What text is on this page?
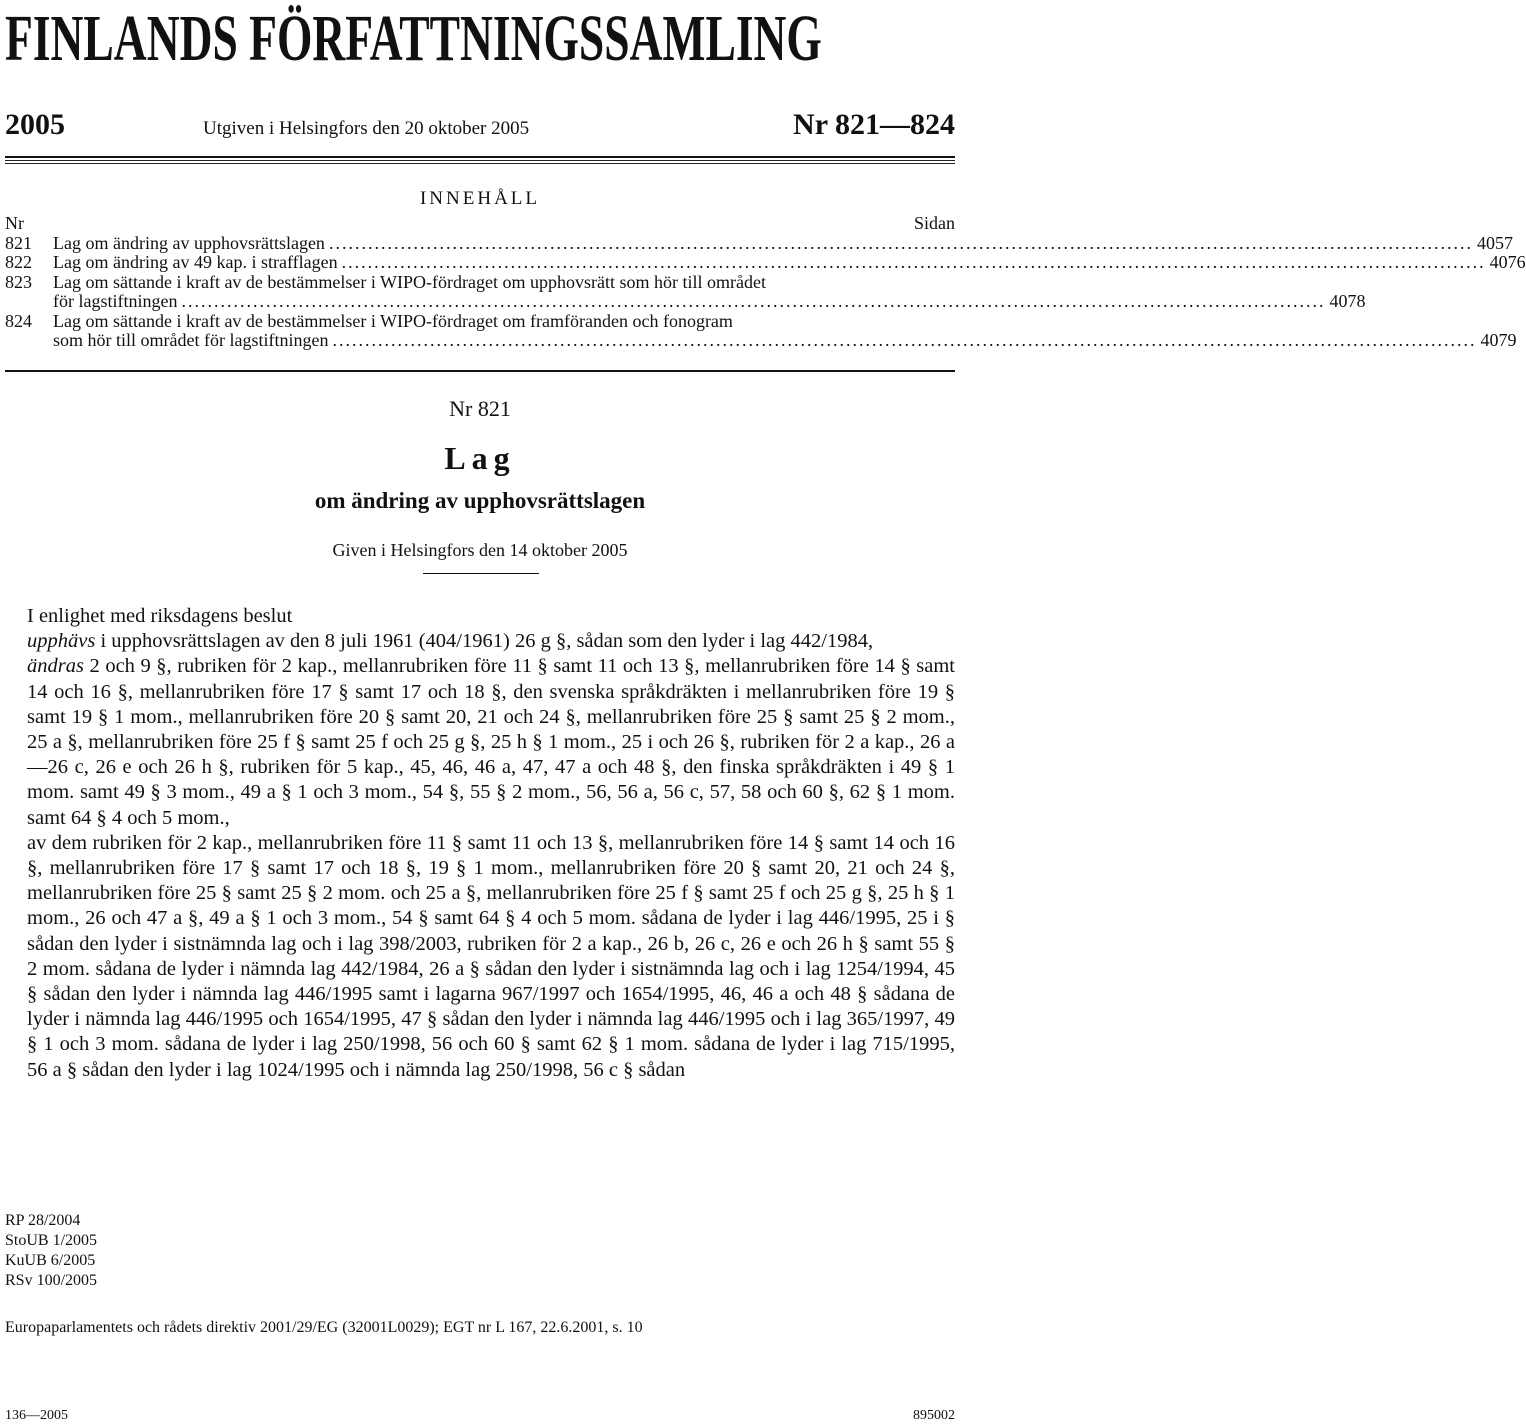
FINLANDS FÖRFATTNINGSSAMLING
2005	Utgiven i Helsingfors den 20 oktober 2005	Nr 821—824
INNEHÅLL
Nr	Sidan
821	Lag om ändring av upphovsrättslagen .....	4057
822	Lag om ändring av 49 kap. i strafflagen .....	4076
823	Lag om sättande i kraft av de bestämmelser i WIPO-fördraget om upphovsrätt som hör till området
för lagstiftningen .....	4078
824	Lag om sättande i kraft av de bestämmelser i WIPO-fördraget om framföranden och fonogram
som hör till området för lagstiftningen .....	4079
Nr 821
Lag
om ändring av upphovsrättslagen
Given i Helsingfors den 14 oktober 2005

I enlighet med riksdagens beslut

upphävs i upphovsrättslagen av den 8 juli 1961 (404/1961) 26 g §, sådan som den lyder i lag 442/1984,

ändras 2 och 9 §, rubriken för 2 kap., mellanrubriken före 11 § samt 11 och 13 §, mellanrubriken före 14 § samt 14 och 16 §, mellanrubriken före 17 § samt 17 och 18 §, den svenska språkdräkten i mellanrubriken före 19 § samt 19 § 1 mom., mellanrubriken före 20 § samt 20, 21 och 24 §, mellanrubriken före 25 § samt 25 § 2 mom., 25 a §, mellanrubriken före 25 f § samt 25 f och 25 g §, 25 h § 1 mom., 25 i och 26 §, rubriken för 2 a kap., 26 a—26 c, 26 e och 26 h §, rubriken för 5 kap., 45, 46, 46 a, 47, 47 a och 48 §, den finska språkdräkten i 49 § 1 mom. samt 49 § 3 mom., 49 a § 1 och 3 mom., 54 §, 55 § 2 mom., 56, 56 a, 56 c, 57, 58 och 60 §, 62 § 1 mom. samt 64 § 4 och 5 mom.,

av dem rubriken för 2 kap., mellanrubriken före 11 § samt 11 och 13 §, mellanrubriken före 14 § samt 14 och 16 §, mellanrubriken före 17 § samt 17 och 18 §, 19 § 1 mom., mellanrubriken före 20 § samt 20, 21 och 24 §, mellanrubriken före 25 § samt 25 § 2 mom. och 25 a §, mellanrubriken före 25 f § samt 25 f och 25 g §, 25 h § 1 mom., 26 och 47 a §, 49 a § 1 och 3 mom., 54 § samt 64 § 4 och 5 mom. sådana de lyder i lag 446/1995, 25 i § sådan den lyder i sistnämnda lag och i lag 398/2003, rubriken för 2 a kap., 26 b, 26 c, 26 e och 26 h § samt 55 § 2 mom. sådana de lyder i nämnda lag 442/1984, 26 a § sådan den lyder i sistnämnda lag och i lag 1254/1994, 45 § sådan den lyder i nämnda lag 446/1995 samt i lagarna 967/1997 och 1654/1995, 46, 46 a och 48 § sådana de lyder i nämnda lag 446/1995 och 1654/1995, 47 § sådan den lyder i nämnda lag 446/1995 och i lag 365/1997, 49 § 1 och 3 mom. sådana de lyder i lag 250/1998, 56 och 60 § samt 62 § 1 mom. sådana de lyder i lag 715/1995, 56 a § sådan den lyder i lag 1024/1995 och i nämnda lag 250/1998, 56 c § sådan

RP 28/2004
StoUB 1/2005
KuUB 6/2005
RSv 100/2005
Europaparlamentets och rådets direktiv 2001/29/EG (32001L0029); EGT nr L 167, 22.6.2001, s. 10
136—2005	895002
